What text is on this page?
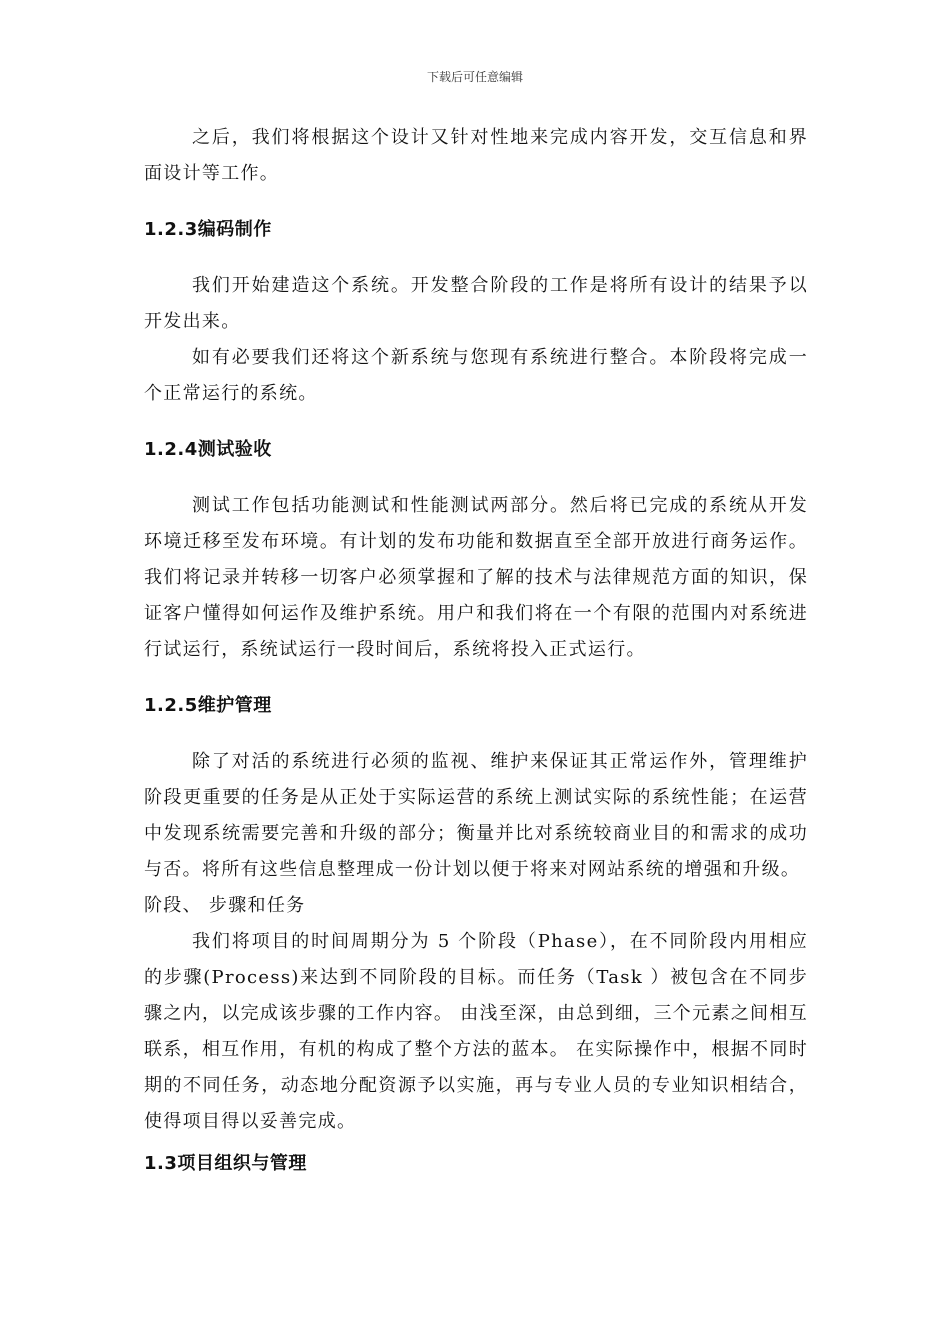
下载后可任意编辑

之后，我们将根据这个设计又针对性地来完成内容开发，交互信息和界面设计等工作。

1.2.3编码制作

我们开始建造这个系统。开发整合阶段的工作是将所有设计的结果予以开发出来。

如有必要我们还将这个新系统与您现有系统进行整合。本阶段将完成一个正常运行的系统。

1.2.4测试验收

测试工作包括功能测试和性能测试两部分。然后将已完成的系统从开发环境迁移至发布环境。有计划的发布功能和数据直至全部开放进行商务运作。我们将记录并转移一切客户必须掌握和了解的技术与法律规范方面的知识，保证客户懂得如何运作及维护系统。用户和我们将在一个有限的范围内对系统进行试运行，系统试运行一段时间后，系统将投入正式运行。

1.2.5维护管理

除了对活的系统进行必须的监视、维护来保证其正常运作外，管理维护阶段更重要的任务是从正处于实际运营的系统上测试实际的系统性能；在运营中发现系统需要完善和升级的部分；衡量并比对系统较商业目的和需求的成功与否。将所有这些信息整理成一份计划以便于将来对网站系统的增强和升级。

阶段、 步骤和任务

我们将项目的时间周期分为 5 个阶段（Phase），在不同阶段内用相应的步骤(Process)来达到不同阶段的目标。而任务（Task ）被包含在不同步骤之内，以完成该步骤的工作内容。 由浅至深，由总到细，三个元素之间相互联系，相互作用，有机的构成了整个方法的蓝本。 在实际操作中，根据不同时期的不同任务，动态地分配资源予以实施，再与专业人员的专业知识相结合，使得项目得以妥善完成。

1.3项目组织与管理
